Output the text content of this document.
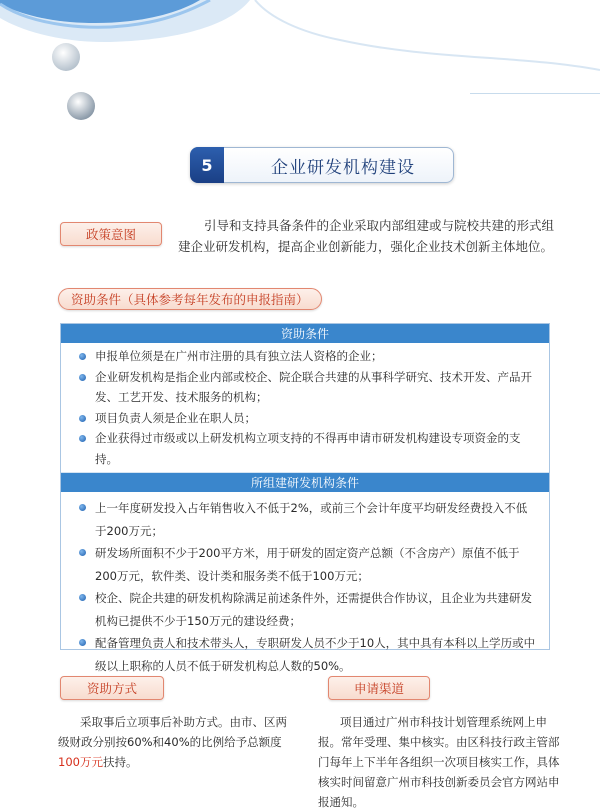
5	企业研发机构建设
政策意图

引导和支持具备条件的企业采取内部组建或与院校共建的形式组建企业研发机构，提高企业创新能力，强化企业技术创新主体地位。

资助条件（具体参考每年发布的申报指南）
资助条件
申报单位须是在广州市注册的具有独立法人资格的企业；
企业研发机构是指企业内部或校企、院企联合共建的从事科学研究、技术开发、产品开发、工艺开发、技术服务的机构；
项目负责人须是企业在职人员；
企业获得过市级或以上研发机构立项支持的不得再申请市研发机构建设专项资金的支持。
所组建研发机构条件
上一年度研发投入占年销售收入不低于2%，或前三个会计年度平均研发经费投入不低于200万元；
研发场所面积不少于200平方米，用于研发的固定资产总额（不含房产）原值不低于200万元，软件类、设计类和服务类不低于100万元；
校企、院企共建的研发机构除满足前述条件外，还需提供合作协议，且企业为共建研发机构已提供不少于150万元的建设经费；
配备管理负责人和技术带头人，专职研发人员不少于10人，其中具有本科以上学历或中级以上职称的人员不低于研发机构总人数的50%。
资助方式

采取事后立项事后补助方式。由市、区两级财政分别按60%和40%的比例给予总额度100万元扶持。

申请渠道

项目通过广州市科技计划管理系统网上申报。常年受理、集中核实。由区科技行政主管部门每年上下半年各组织一次项目核实工作，具体核实时间留意广州市科技创新委员会官方网站申报通知。
